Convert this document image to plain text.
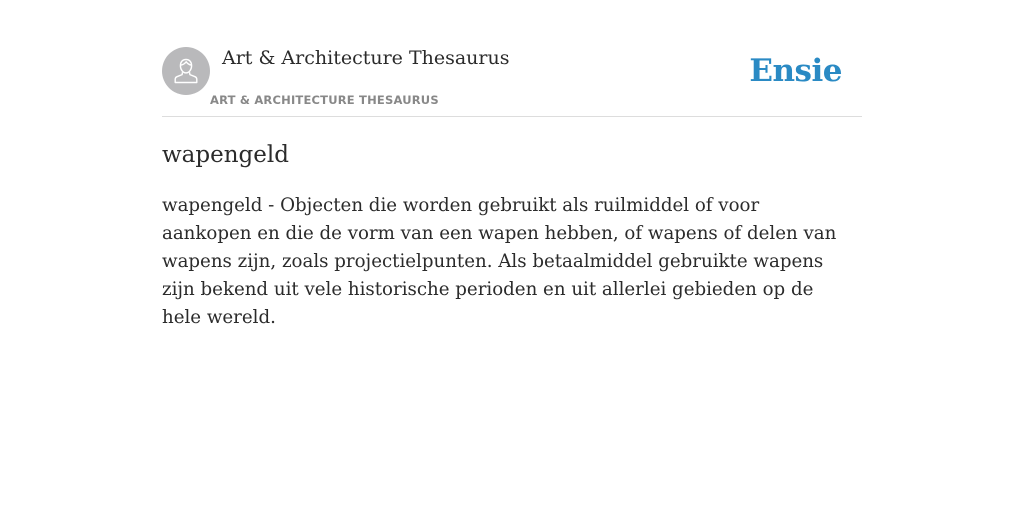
Art & Architecture Thesaurus
ART & ARCHITECTURE THESAURUS
Ensie
wapengeld

wapengeld - Objecten die worden gebruikt als ruilmiddel of voor aankopen en die de vorm van een wapen hebben, of wapens of delen van wapens zijn, zoals projectielpunten. Als betaalmiddel gebruikte wapens zijn bekend uit vele historische perioden en uit allerlei gebieden op de hele wereld.
